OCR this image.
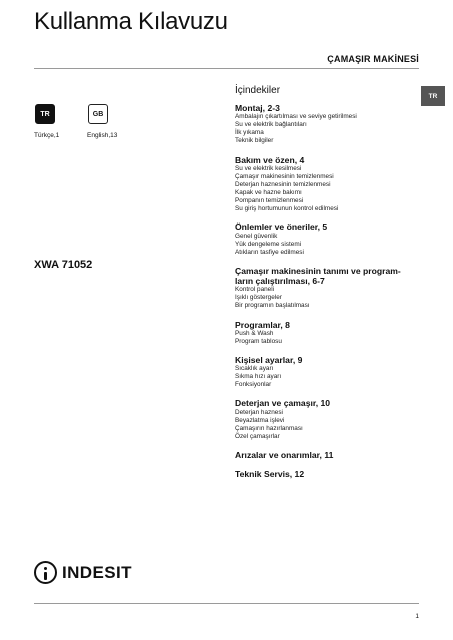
Kullanma Kılavuzu
ÇAMAŞIR MAKİNESİ
TR
TR
Türkçe,1
GB
English,13
XWA 71052
İçindekiler
Montaj, 2-3
Ambalajın çıkartılması ve seviye getirilmesi
Su ve elektrik bağlantıları
İlk yıkama
Teknik bilgiler
Bakım ve özen, 4
Su ve elektrik kesilmesi
Çamaşır makinesinin temizlenmesi
Deterjan haznesinin temizlenmesi
Kapak ve hazne bakımı
Pompanın temizlenmesi
Su giriş hortumunun kontrol edilmesi
Önlemler ve öneriler, 5
Genel güvenlik
Yük dengeleme sistemi
Atıkların tasfiye edilmesi
Çamaşır makinesinin tanımı ve program- ların çalıştırılması, 6-7
Kontrol paneli
Işıklı göstergeler
Bir programın başlatılması
Programlar, 8
Push & Wash
Program tablosu
Kişisel ayarlar, 9
Sıcaklık ayarı
Sıkma hızı ayarı
Fonksiyonlar
Deterjan ve çamaşır, 10
Deterjan haznesi
Beyazlatma işlevi
Çamaşırın hazırlanması
Özel çamaşırlar
Arızalar ve onarımlar, 11
Teknik Servis, 12
INDESIT
1
